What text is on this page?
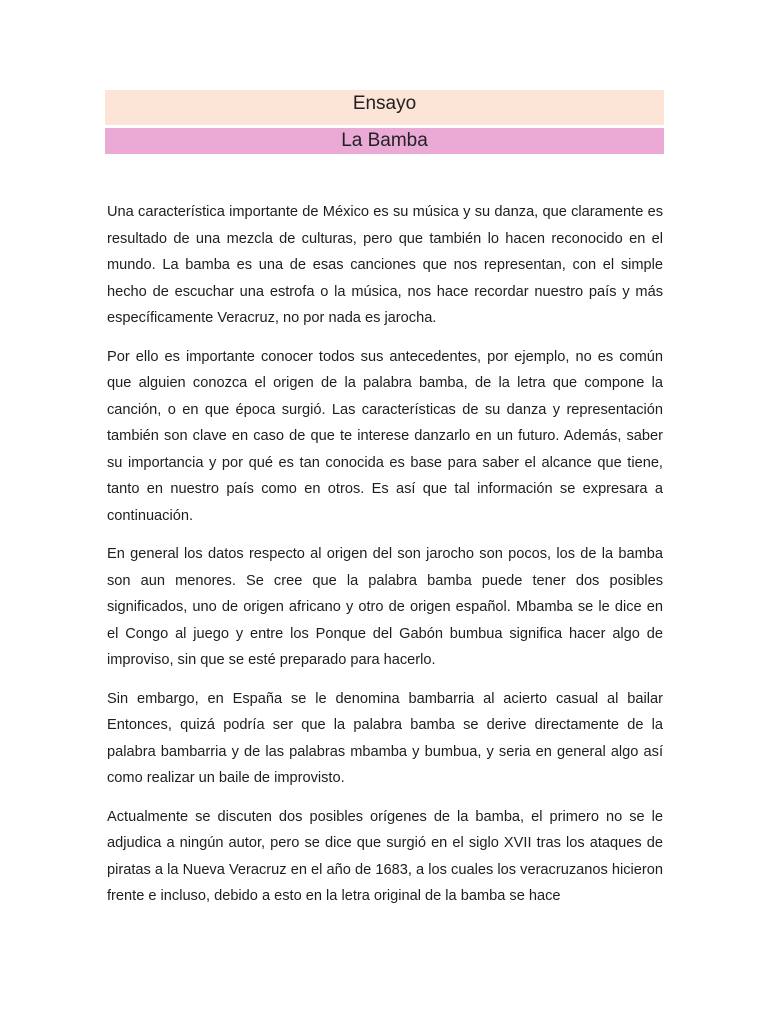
Ensayo
La Bamba

Una característica importante de México es su música y su danza, que claramente es resultado de una mezcla de culturas, pero que también lo hacen reconocido en el mundo. La bamba es una de esas canciones que nos representan, con el simple hecho de escuchar una estrofa o la música, nos hace recordar nuestro país y más específicamente Veracruz, no por nada es jarocha.

Por ello es importante conocer todos sus antecedentes, por ejemplo, no es común que alguien conozca el origen de la palabra bamba, de la letra que compone la canción, o en que época surgió. Las características de su danza y representación también son clave en caso de que te interese danzarlo en un futuro. Además, saber su importancia y por qué es tan conocida es base para saber el alcance que tiene, tanto en nuestro país como en otros. Es así que tal información se expresara a continuación.

En general los datos respecto al origen del son jarocho son pocos, los de la bamba son aun menores. Se cree que la palabra bamba puede tener dos posibles significados, uno de origen africano y otro de origen español. Mbamba se le dice en el Congo al juego y entre los Ponque del Gabón bumbua significa hacer algo de improviso, sin que se esté preparado para hacerlo.

Sin embargo, en España se le denomina bambarria al acierto casual al bailar Entonces, quizá podría ser que la palabra bamba se derive directamente de la palabra bambarria y de las palabras mbamba y bumbua, y seria en general algo así como realizar un baile de improvisto.

Actualmente se discuten dos posibles orígenes de la bamba, el primero no se le adjudica a ningún autor, pero se dice que surgió en el siglo XVII tras los ataques de piratas a la Nueva Veracruz en el año de 1683, a los cuales los veracruzanos hicieron frente e incluso, debido a esto en la letra original de la bamba se hace
